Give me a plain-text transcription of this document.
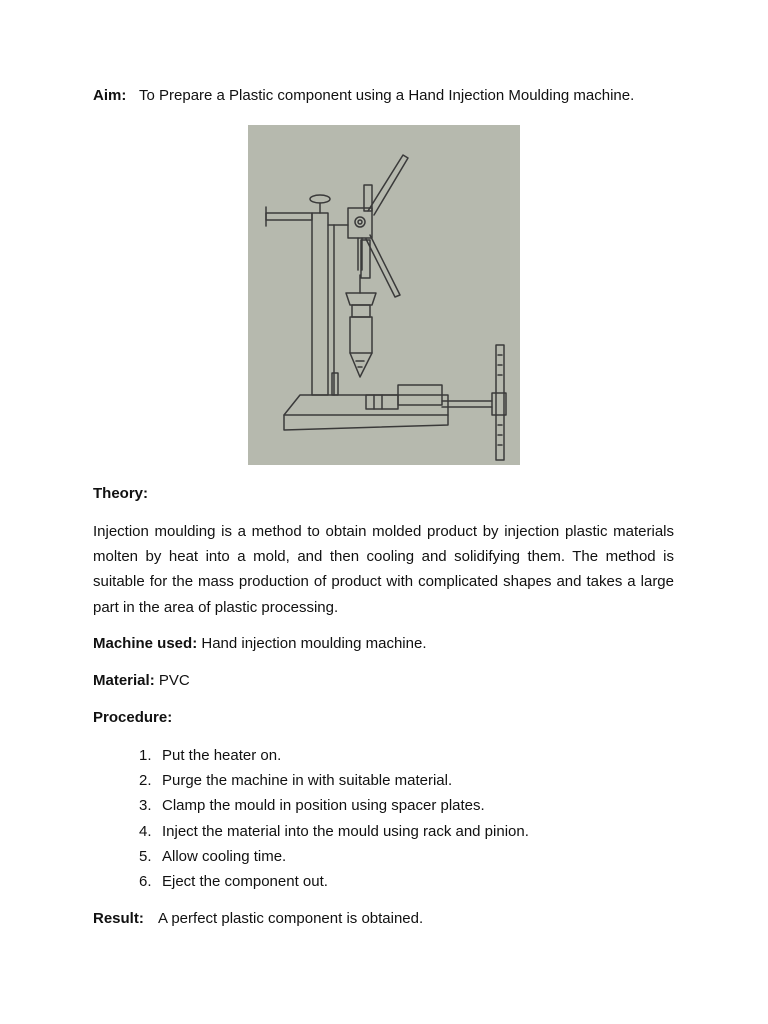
Aim: To Prepare a Plastic component using a Hand Injection Moulding machine.
Theory:
Injection moulding is a method to obtain molded product by injection plastic materials molten by heat into a mold, and then cooling and solidifying them. The method is suitable for the mass production of product with complicated shapes and takes a large part in the area of plastic processing.
Machine used: Hand injection moulding machine.
Material: PVC
Procedure:
1. Put the heater on.
2. Purge the machine in with suitable material.
3. Clamp the mould in position using spacer plates.
4. Inject the material into the mould using rack and pinion.
5. Allow cooling time.
6. Eject the component out.
Result: A perfect plastic component is obtained.
